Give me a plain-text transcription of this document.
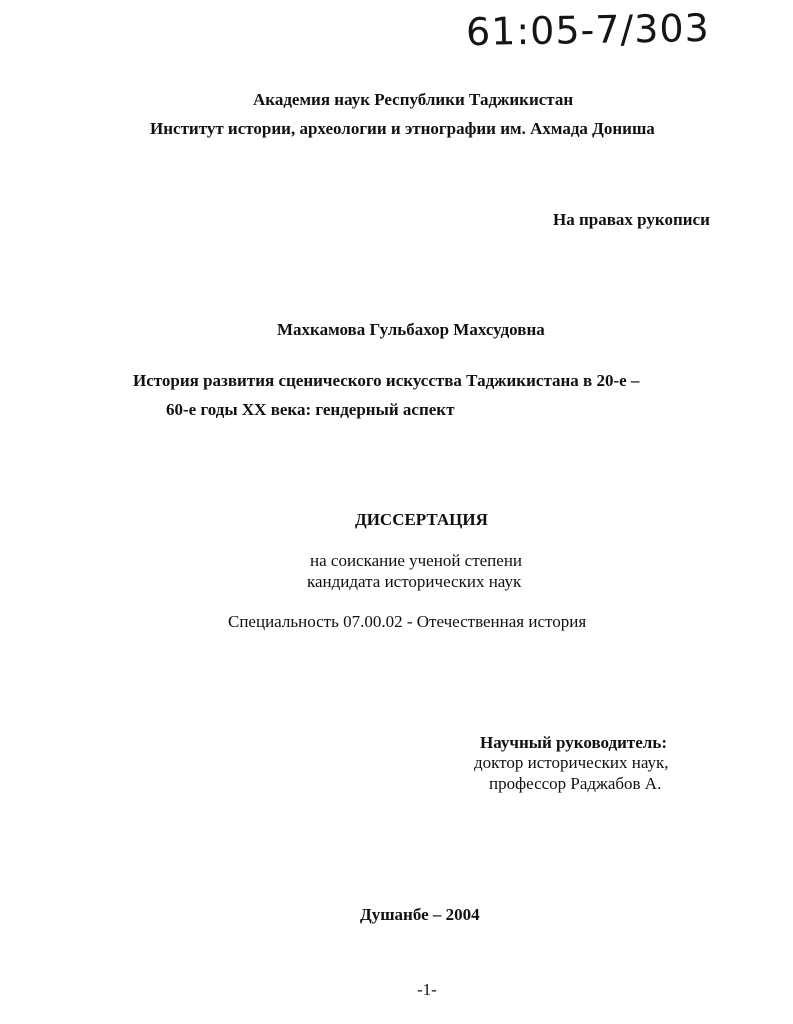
61:05-7/303
Академия наук Республики Таджикистан
Институт истории, археологии и этнографии им. Ахмада Дониша
На правах рукописи
Махкамова Гульбахор Махсудовна
История развития сценического искусства Таджикистана в 20-е –
60-е годы XX века: гендерный аспект
ДИССЕРТАЦИЯ
на соискание ученой степени
кандидата исторических наук
Специальность 07.00.02 - Отечественная история
Научный руководитель:
доктор исторических наук,
профессор Раджабов А.
Душанбе – 2004
-1-
